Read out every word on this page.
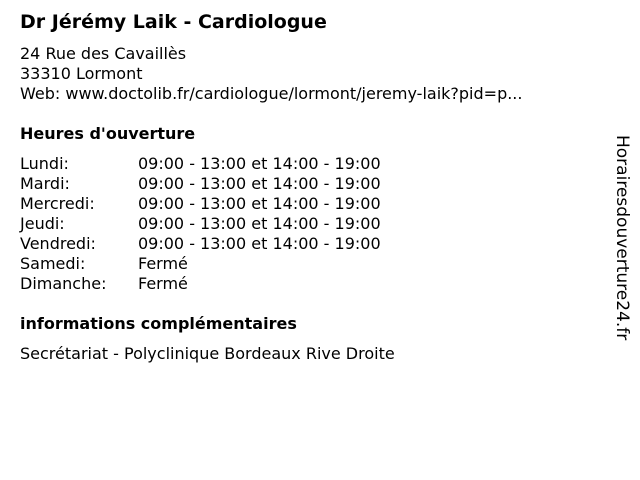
Dr Jérémy Laik - Cardiologue
24 Rue des Cavaillès
33310 Lormont
Web: www.doctolib.fr/cardiologue/lormont/jeremy-laik?pid=p...
Heures d'ouverture
Lundi:	09:00 - 13:00 et 14:00 - 19:00
Mardi:	09:00 - 13:00 et 14:00 - 19:00
Mercredi:	09:00 - 13:00 et 14:00 - 19:00
Jeudi:	09:00 - 13:00 et 14:00 - 19:00
Vendredi:	09:00 - 13:00 et 14:00 - 19:00
Samedi:	Fermé
Dimanche: Fermé
informations complémentaires
Secrétariat - Polyclinique Bordeaux Rive Droite
Horairesdouverture24.fr
